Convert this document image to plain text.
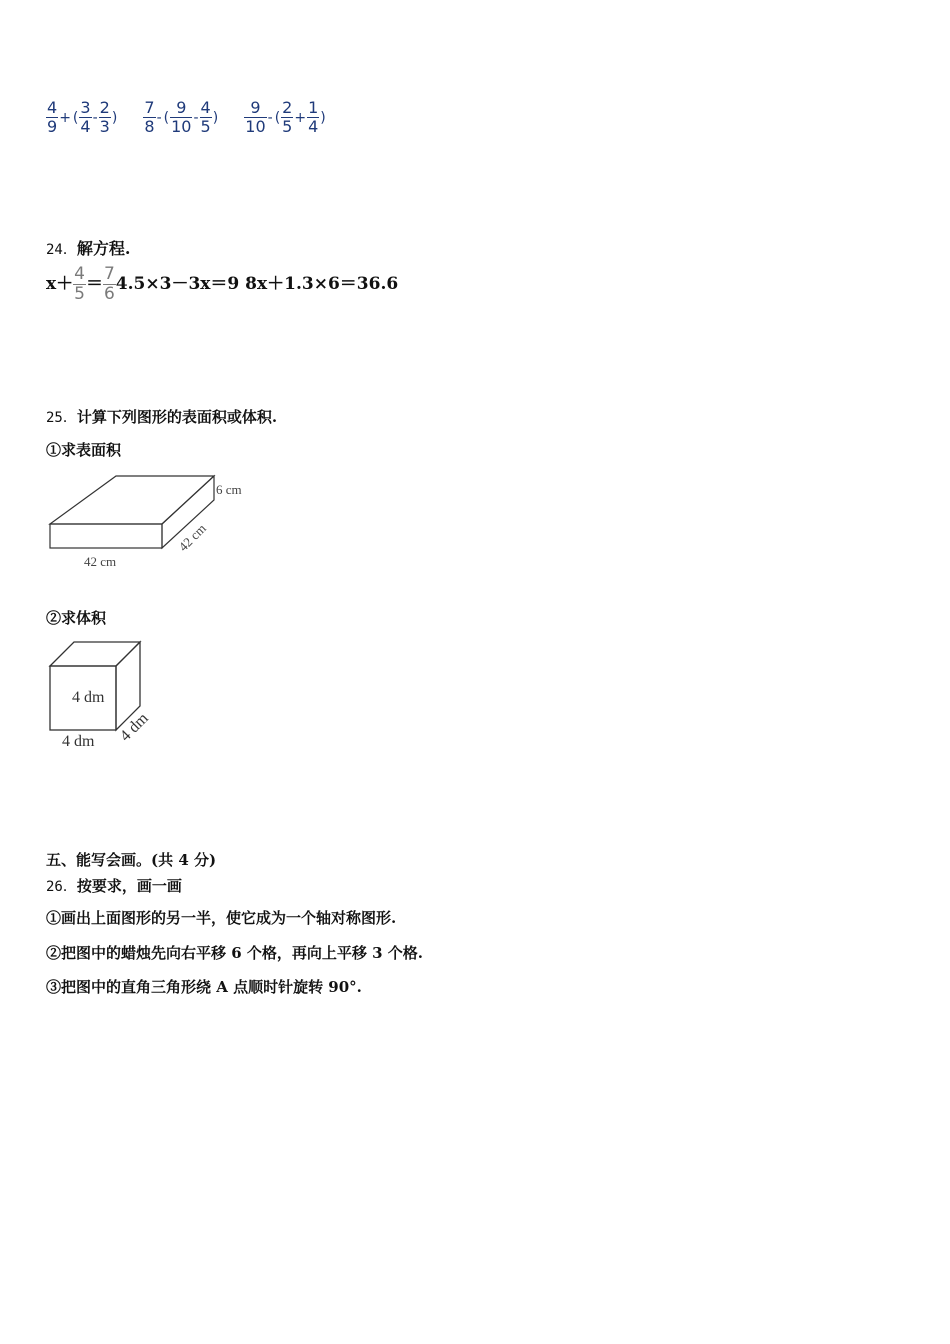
$\frac{4}{9}$ + ( $\frac{3}{4} - \frac{2}{3}$ ) $\frac{7}{8}$ - ( $\frac{9}{10} - \frac{4}{5}$ ) $\frac{9}{10}$ - ( $\frac{2}{5} + \frac{1}{4}$ )
24．解方程.
$x+ \frac{4}{5} = \frac{7}{6} 4.5\times 3-3x=9$ 8x＋1.3×6＝36.6
25．计算下列图形的表面积或体积.
①求表面积
6 cm
42 cm
42 cm
②求体积
4 dm
4 dm 4 dm
五、能写会画。(共 4 分)
26．按要求，画一画
①画出上面图形的另一半，使它成为一个轴对称图形.
②把图中的蜡烛先向右平移 6 个格，再向上平移 3 个格.
③把图中的直角三角形绕 A 点顺时针旋转 90°.
